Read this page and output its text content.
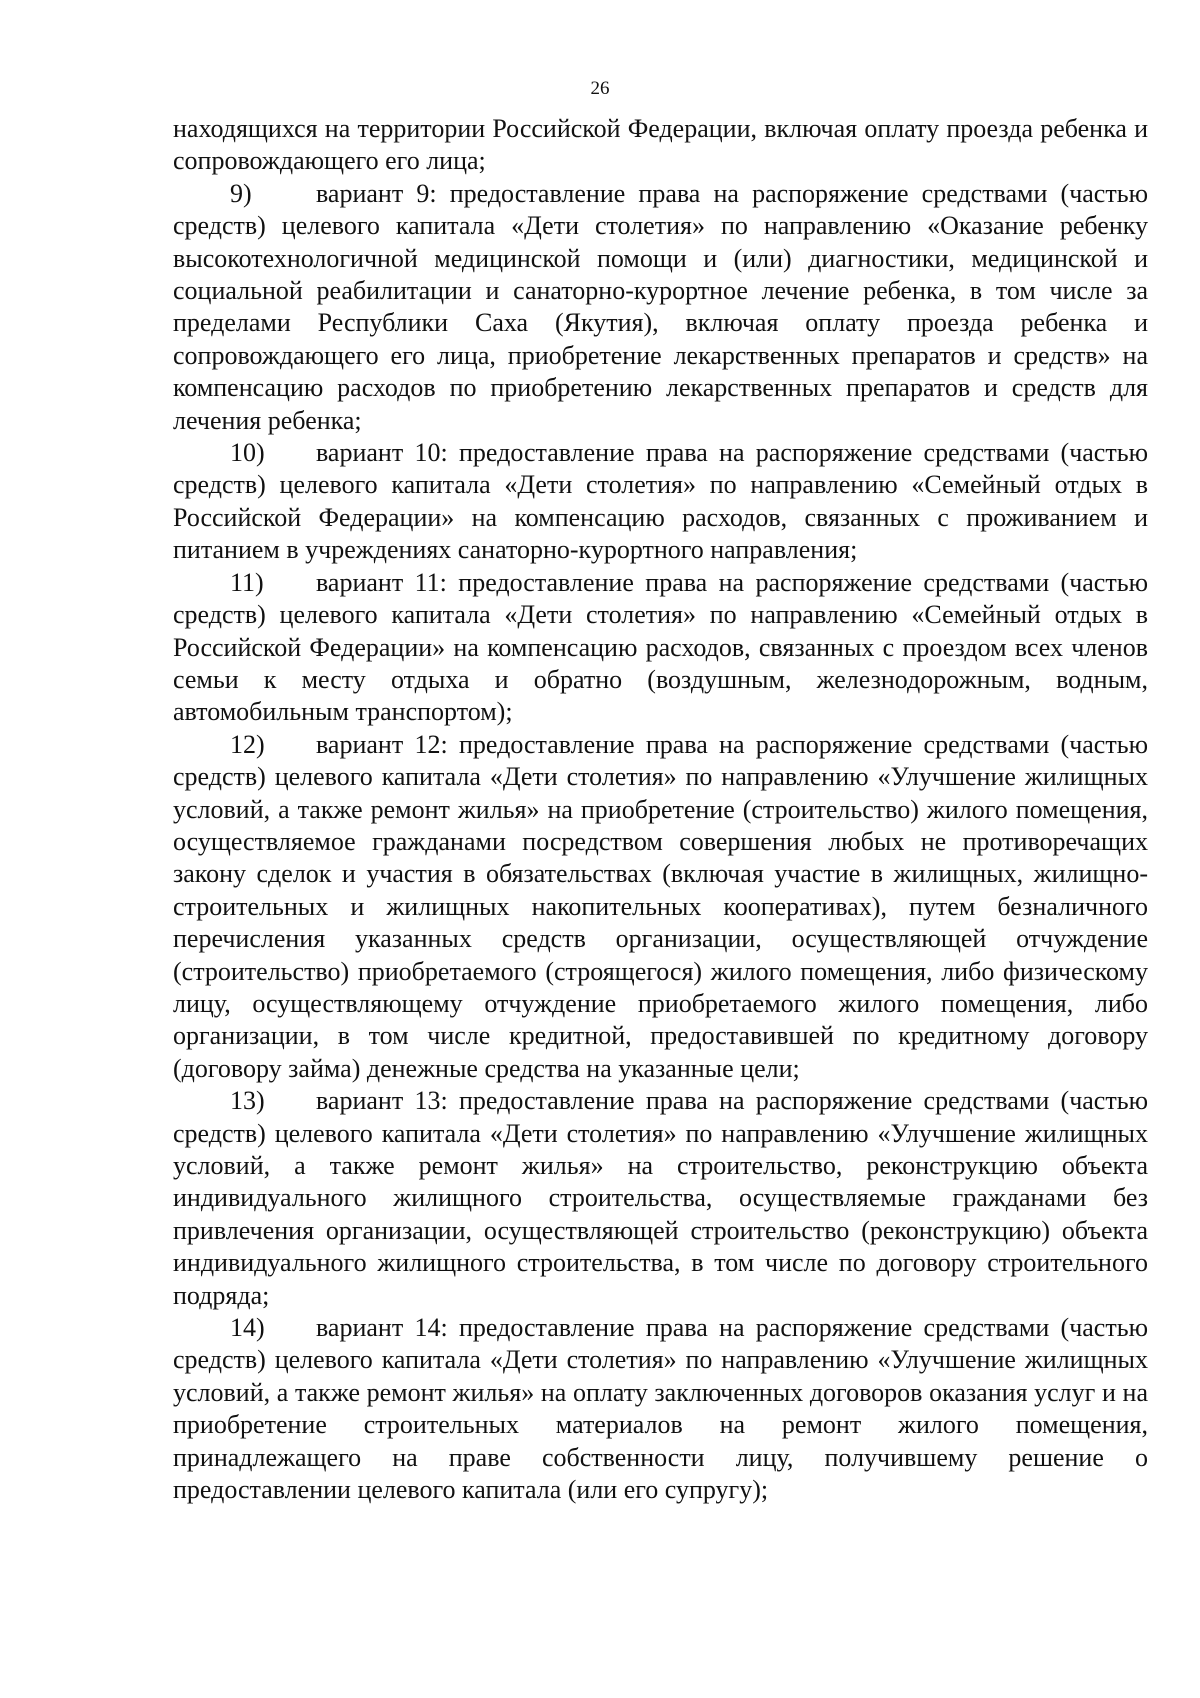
26

находящихся на территории Российской Федерации, включая оплату проезда ребенка и сопровождающего его лица;

9) вариант 9: предоставление права на распоряжение средствами (частью средств) целевого капитала «Дети столетия» по направлению «Оказание ребенку высокотехнологичной медицинской помощи и (или) диагностики, медицинской и социальной реабилитации и санаторно-курортное лечение ребенка, в том числе за пределами Республики Саха (Якутия), включая оплату проезда ребенка и сопровождающего его лица, приобретение лекарственных препаратов и средств» на компенсацию расходов по приобретению лекарственных препаратов и средств для лечения ребенка;

10) вариант 10: предоставление права на распоряжение средствами (частью средств) целевого капитала «Дети столетия» по направлению «Семейный отдых в Российской Федерации» на компенсацию расходов, связанных с проживанием и питанием в учреждениях санаторно-курортного направления;

11) вариант 11: предоставление права на распоряжение средствами (частью средств) целевого капитала «Дети столетия» по направлению «Семейный отдых в Российской Федерации» на компенсацию расходов, связанных с проездом всех членов семьи к месту отдыха и обратно (воздушным, железнодорожным, водным, автомобильным транспортом);

12) вариант 12: предоставление права на распоряжение средствами (частью средств) целевого капитала «Дети столетия» по направлению «Улучшение жилищных условий, а также ремонт жилья» на приобретение (строительство) жилого помещения, осуществляемое гражданами посредством совершения любых не противоречащих закону сделок и участия в обязательствах (включая участие в жилищных, жилищно-строительных и жилищных накопительных кооперативах), путем безналичного перечисления указанных средств организации, осуществляющей отчуждение (строительство) приобретаемого (строящегося) жилого помещения, либо физическому лицу, осуществляющему отчуждение приобретаемого жилого помещения, либо организации, в том числе кредитной, предоставившей по кредитному договору (договору займа) денежные средства на указанные цели;

13) вариант 13: предоставление права на распоряжение средствами (частью средств) целевого капитала «Дети столетия» по направлению «Улучшение жилищных условий, а также ремонт жилья» на строительство, реконструкцию объекта индивидуального жилищного строительства, осуществляемые гражданами без привлечения организации, осуществляющей строительство (реконструкцию) объекта индивидуального жилищного строительства, в том числе по договору строительного подряда;

14) вариант 14: предоставление права на распоряжение средствами (частью средств) целевого капитала «Дети столетия» по направлению «Улучшение жилищных условий, а также ремонт жилья» на оплату заключенных договоров оказания услуг и на приобретение строительных материалов на ремонт жилого помещения, принадлежащего на праве собственности лицу, получившему решение о предоставлении целевого капитала (или его супругу);
